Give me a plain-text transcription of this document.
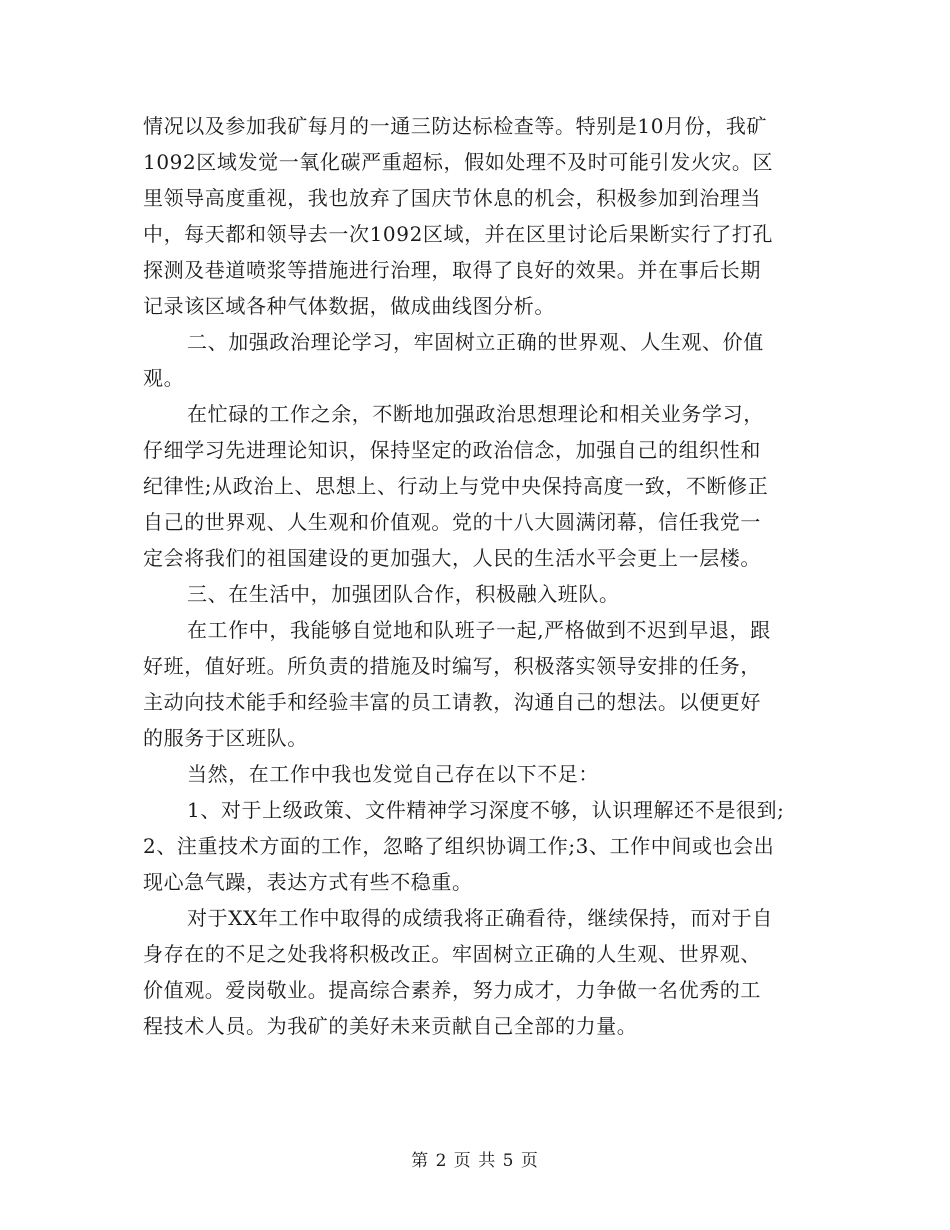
情况以及参加我矿每月的一通三防达标检查等。特别是10月份，我矿
1092区域发觉一氧化碳严重超标，假如处理不及时可能引发火灾。区
里领导高度重视，我也放弃了国庆节休息的机会，积极参加到治理当
中，每天都和领导去一次1092区域，并在区里讨论后果断实行了打孔
探测及巷道喷浆等措施进行治理，取得了良好的效果。并在事后长期
记录该区域各种气体数据，做成曲线图分析。
二、加强政治理论学习，牢固树立正确的世界观、人生观、价值
观。
在忙碌的工作之余，不断地加强政治思想理论和相关业务学习，
仔细学习先进理论知识，保持坚定的政治信念，加强自己的组织性和
纪律性;从政治上、思想上、行动上与党中央保持高度一致，不断修正
自己的世界观、人生观和价值观。党的十八大圆满闭幕，信任我党一
定会将我们的祖国建设的更加强大，人民的生活水平会更上一层楼。
三、在生活中，加强团队合作，积极融入班队。
在工作中，我能够自觉地和队班子一起,严格做到不迟到早退，跟
好班，值好班。所负责的措施及时编写，积极落实领导安排的任务，
主动向技术能手和经验丰富的员工请教，沟通自己的想法。以便更好
的服务于区班队。
当然，在工作中我也发觉自己存在以下不足：
1、对于上级政策、文件精神学习深度不够，认识理解还不是很到;
2、注重技术方面的工作，忽略了组织协调工作;3、工作中间或也会出
现心急气躁，表达方式有些不稳重。
对于XX年工作中取得的成绩我将正确看待，继续保持，而对于自
身存在的不足之处我将积极改正。牢固树立正确的人生观、世界观、
价值观。爱岗敬业。提高综合素养，努力成才，力争做一名优秀的工
程技术人员。为我矿的美好未来贡献自己全部的力量。
第 2 页 共 5 页
